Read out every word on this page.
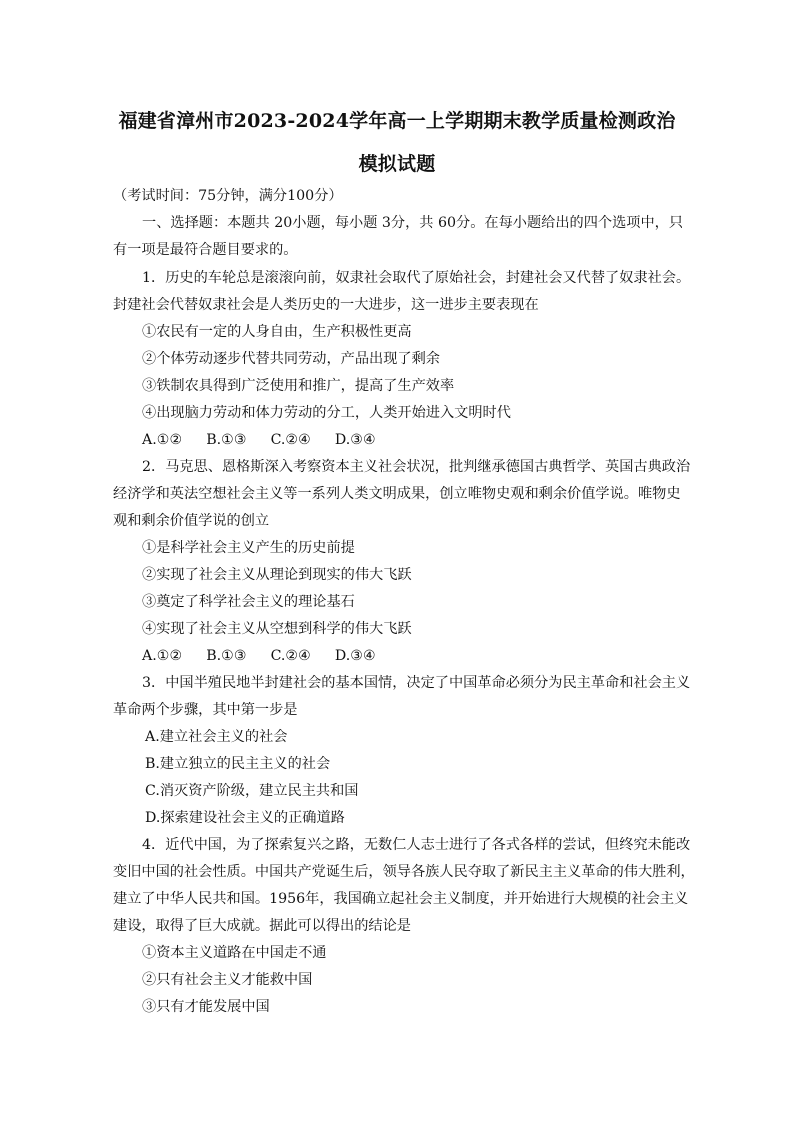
福建省漳州市2023-2024学年高一上学期期末教学质量检测政治
模拟试题
（考试时间：75分钟，满分100分）
一、选择题：本题共 20小题，每小题 3分，共 60分。在每小题给出的四个选项中，只
有一项是最符合题目要求的。
1．历史的车轮总是滚滚向前，奴隶社会取代了原始社会，封建社会又代替了奴隶社会。
封建社会代替奴隶社会是人类历史的一大进步，这一进步主要表现在
①农民有一定的人身自由，生产积极性更高
②个体劳动逐步代替共同劳动，产品出现了剩余
③铁制农具得到广泛使用和推广，提高了生产效率
④出现脑力劳动和体力劳动的分工，人类开始进入文明时代
A.①② B.①③ C.②④ D.③④
2．马克思、恩格斯深入考察资本主义社会状况，批判继承德国古典哲学、英国古典政治
经济学和英法空想社会主义等一系列人类文明成果，创立唯物史观和剩余价值学说。唯物史
观和剩余价值学说的创立
①是科学社会主义产生的历史前提
②实现了社会主义从理论到现实的伟大飞跃
③奠定了科学社会主义的理论基石
④实现了社会主义从空想到科学的伟大飞跃
A.①② B.①③ C.②④ D.③④
3．中国半殖民地半封建社会的基本国情，决定了中国革命必须分为民主革命和社会主义
革命两个步骤，其中第一步是
A.建立社会主义的社会
B.建立独立的民主主义的社会
C.消灭资产阶级，建立民主共和国
D.探索建设社会主义的正确道路
4．近代中国，为了探索复兴之路，无数仁人志士进行了各式各样的尝试，但终究未能改
变旧中国的社会性质。中国共产党诞生后，领导各族人民夺取了新民主主义革命的伟大胜利，
建立了中华人民共和国。1956年，我国确立起社会主义制度，并开始进行大规模的社会主义
建设，取得了巨大成就。据此可以得出的结论是
①资本主义道路在中国走不通
②只有社会主义才能救中国
③只有才能发展中国
